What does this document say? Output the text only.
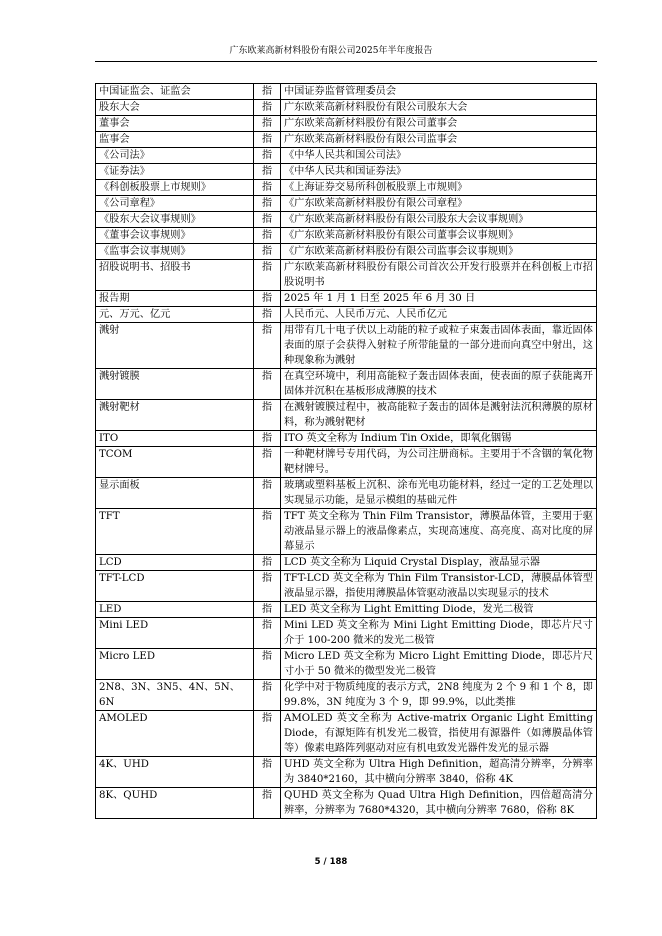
广东欧莱高新材料股份有限公司2025年半年度报告
中国证监会、证监会	指	中国证券监督管理委员会
股东大会	指	广东欧莱高新材料股份有限公司股东大会
董事会	指	广东欧莱高新材料股份有限公司董事会
监事会	指	广东欧莱高新材料股份有限公司监事会
《公司法》	指	《中华人民共和国公司法》
《证券法》	指	《中华人民共和国证券法》
《科创板股票上市规则》	指	《上海证券交易所科创板股票上市规则》
《公司章程》	指	《广东欧莱高新材料股份有限公司章程》
《股东大会议事规则》	指	《广东欧莱高新材料股份有限公司股东大会议事规则》
《董事会议事规则》	指	《广东欧莱高新材料股份有限公司董事会议事规则》
《监事会议事规则》	指	《广东欧莱高新材料股份有限公司监事会议事规则》
招股说明书、招股书	指	广东欧莱高新材料股份有限公司首次公开发行股票并在科创板上市招股说明书
报告期	指	2025 年 1 月 1 日至 2025 年 6 月 30 日
元、万元、亿元	指	人民币元、人民币万元、人民币亿元
溅射	指	用带有几十电子伏以上动能的粒子或粒子束轰击固体表面，靠近固体表面的原子会获得入射粒子所带能量的一部分进而向真空中射出，这种现象称为溅射
溅射镀膜	指	在真空环境中，利用高能粒子轰击固体表面，使表面的原子获能离开固体并沉积在基板形成薄膜的技术
溅射靶材	指	在溅射镀膜过程中，被高能粒子轰击的固体是溅射法沉积薄膜的原材料，称为溅射靶材
ITO	指	ITO 英文全称为 Indium Tin Oxide，即氧化铟锡
TCOM	指	一种靶材牌号专用代码，为公司注册商标。主要用于不含铟的氧化物靶材牌号。
显示面板	指	玻璃或塑料基板上沉积、涂布光电功能材料，经过一定的工艺处理以实现显示功能，是显示模组的基础元件
TFT	指	TFT 英文全称为 Thin Film Transistor，薄膜晶体管，主要用于驱动液晶显示器上的液晶像素点，实现高速度、高亮度、高对比度的屏幕显示
LCD	指	LCD 英文全称为 Liquid Crystal Display，液晶显示器
TFT-LCD	指	TFT-LCD 英文全称为 Thin Film Transistor-LCD，薄膜晶体管型液晶显示器，指使用薄膜晶体管驱动液晶以实现显示的技术
LED	指	LED 英文全称为 Light Emitting Diode，发光二极管
Mini LED	指	Mini LED 英文全称为 Mini Light Emitting Diode，即芯片尺寸介于 100-200 微米的发光二极管
Micro LED	指	Micro LED 英文全称为 Micro Light Emitting Diode，即芯片尺寸小于 50 微米的微型发光二极管
2N8、3N、3N5、4N、5N、6N	指	化学中对于物质纯度的表示方式，2N8 纯度为 2 个 9 和 1 个 8，即 99.8%，3N 纯度为 3 个 9，即 99.9%，以此类推
AMOLED	指	AMOLED 英文全称为 Active-matrix Organic Light Emitting Diode，有源矩阵有机发光二极管，指使用有源器件（如薄膜晶体管等）像素电路阵列驱动对应有机电致发光器件发光的显示器
4K、UHD	指	UHD 英文全称为 Ultra High Definition，超高清分辨率，分辨率为 3840*2160，其中横向分辨率 3840，俗称 4K
8K、QUHD	指	QUHD 英文全称为 Quad Ultra High Definition，四倍超高清分辨率，分辨率为 7680*4320，其中横向分辨率 7680，俗称 8K
5 / 188
